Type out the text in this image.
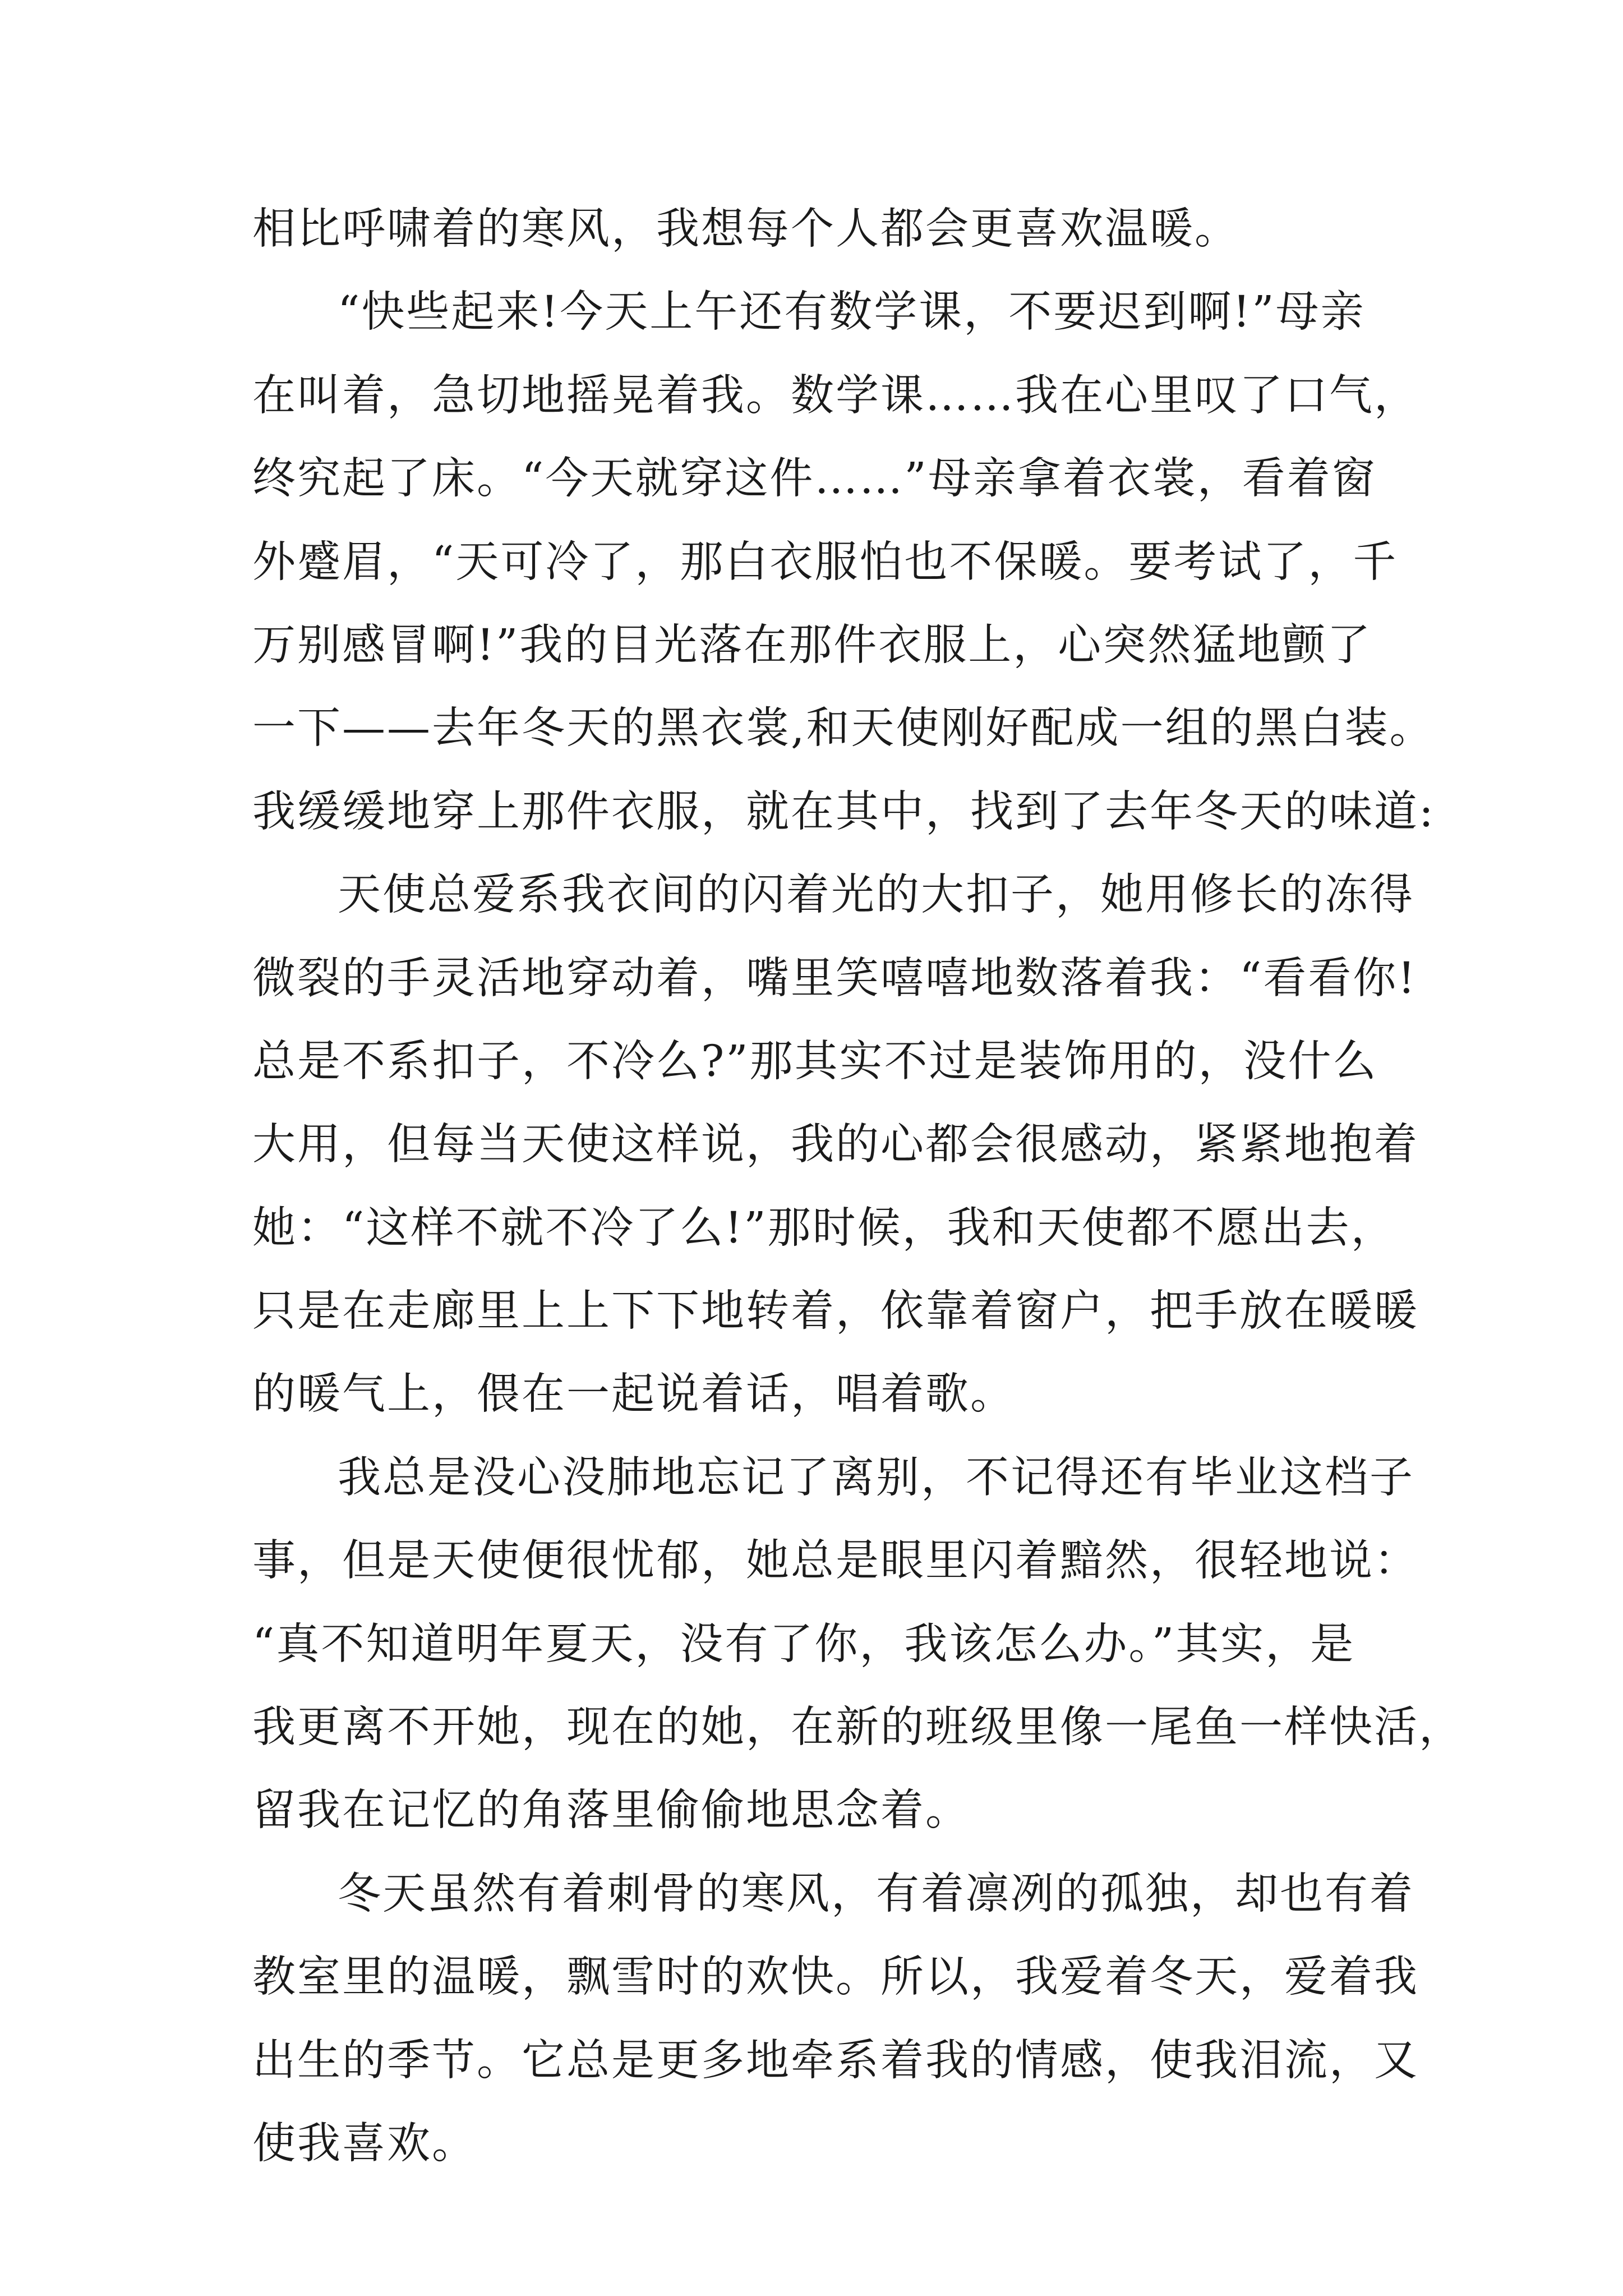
相比呼啸着的寒风，我想每个人都会更喜欢温暖。
“快些起来!今天上午还有数学课，不要迟到啊!”母亲
在叫着，急切地摇晃着我。数学课……我在心里叹了口气，
终究起了床。“今天就穿这件……”母亲拿着衣裳，看着窗
外蹙眉，“天可冷了，那白衣服怕也不保暖。要考试了，千
万别感冒啊!”我的目光落在那件衣服上，心突然猛地颤了
一下——去年冬天的黑衣裳,和天使刚好配成一组的黑白装。
我缓缓地穿上那件衣服，就在其中，找到了去年冬天的味道:
天使总爱系我衣间的闪着光的大扣子，她用修长的冻得
微裂的手灵活地穿动着，嘴里笑嘻嘻地数落着我：“看看你!
总是不系扣子，不冷么?”那其实不过是装饰用的，没什么
大用，但每当天使这样说，我的心都会很感动，紧紧地抱着
她：“这样不就不冷了么!”那时候，我和天使都不愿出去，
只是在走廊里上上下下地转着，依靠着窗户，把手放在暖暖
的暖气上，偎在一起说着话，唱着歌。
我总是没心没肺地忘记了离别，不记得还有毕业这档子
事，但是天使便很忧郁，她总是眼里闪着黯然，很轻地说：
“真不知道明年夏天，没有了你，我该怎么办。”其实，是
我更离不开她，现在的她，在新的班级里像一尾鱼一样快活，
留我在记忆的角落里偷偷地思念着。
冬天虽然有着刺骨的寒风，有着凛冽的孤独，却也有着
教室里的温暖，飘雪时的欢快。所以，我爱着冬天，爱着我
出生的季节。它总是更多地牵系着我的情感，使我泪流，又
使我喜欢。
